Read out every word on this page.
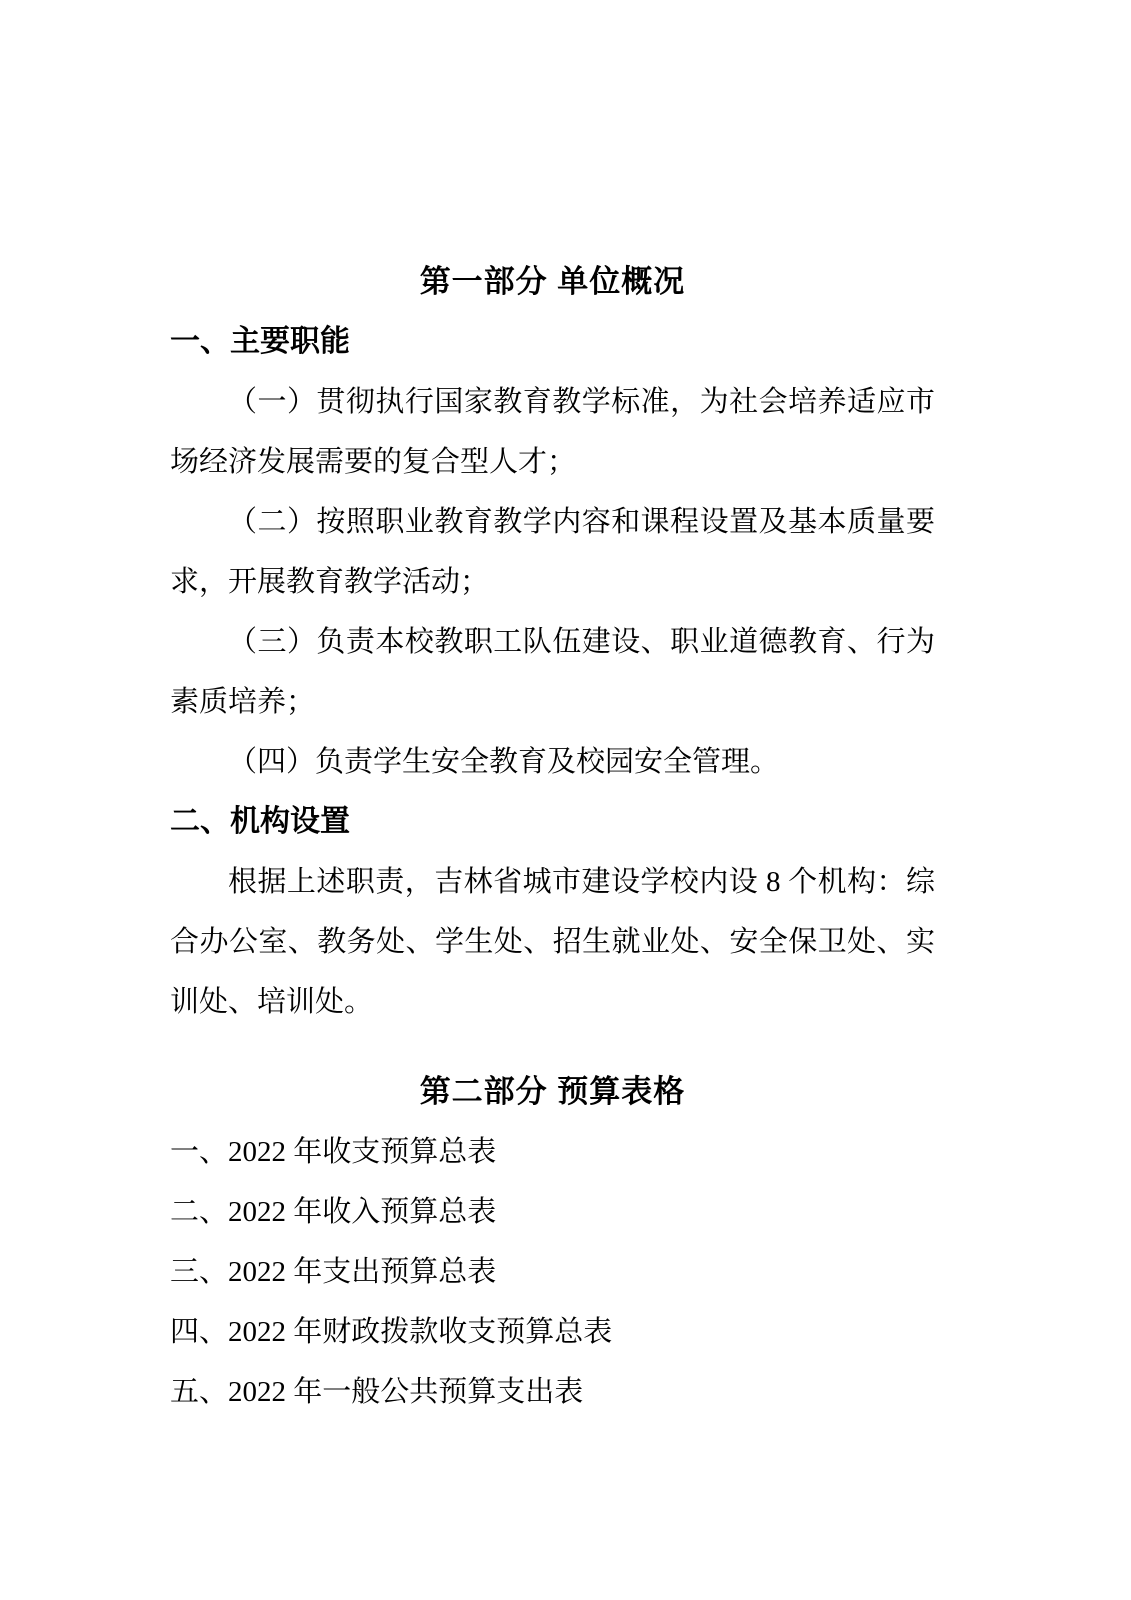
第一部分 单位概况
一、主要职能

（一）贯彻执行国家教育教学标准，为社会培养适应市场经济发展需要的复合型人才；

（二）按照职业教育教学内容和课程设置及基本质量要求，开展教育教学活动；

（三）负责本校教职工队伍建设、职业道德教育、行为素质培养；

（四）负责学生安全教育及校园安全管理。

二、机构设置

根据上述职责，吉林省城市建设学校内设 8 个机构：综合办公室、教务处、学生处、招生就业处、安全保卫处、实训处、培训处。

第二部分 预算表格

一、2022 年收支预算总表

二、2022 年收入预算总表

三、2022 年支出预算总表

四、2022 年财政拨款收支预算总表

五、2022 年一般公共预算支出表
